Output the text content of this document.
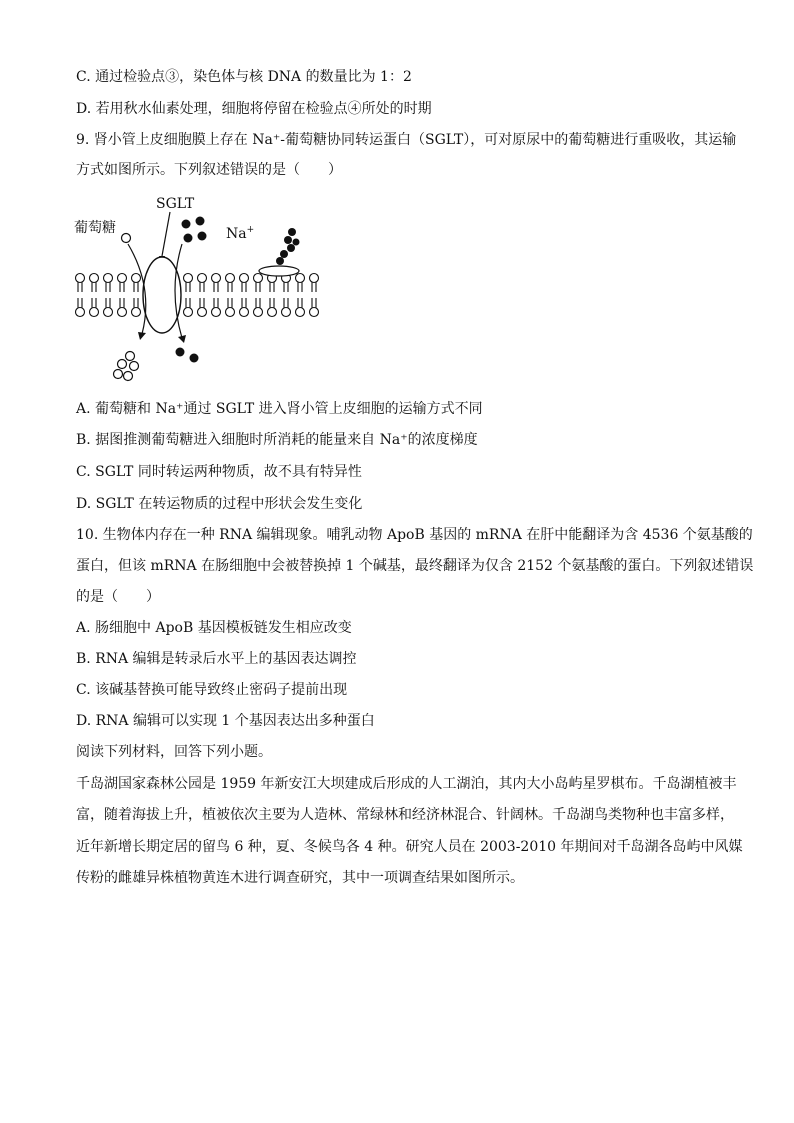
C. 通过检验点③，染色体与核 DNA 的数量比为 1：2
D. 若用秋水仙素处理，细胞将停留在检验点④所处的时期
9. 肾小管上皮细胞膜上存在 Na⁺-葡萄糖协同转运蛋白（SGLT），可对原尿中的葡萄糖进行重吸收，其运输
方式如图所示。下列叙述错误的是（　　）
葡萄糖
SGLT
Na+
A. 葡萄糖和 Na⁺通过 SGLT 进入肾小管上皮细胞的运输方式不同
B. 据图推测葡萄糖进入细胞时所消耗的能量来自 Na⁺的浓度梯度
C. SGLT 同时转运两种物质，故不具有特异性
D. SGLT 在转运物质的过程中形状会发生变化
10. 生物体内存在一种 RNA 编辑现象。哺乳动物 ApoB 基因的 mRNA 在肝中能翻译为含 4536 个氨基酸的
蛋白，但该 mRNA 在肠细胞中会被替换掉 1 个碱基，最终翻译为仅含 2152 个氨基酸的蛋白。下列叙述错误
的是（　　）
A. 肠细胞中 ApoB 基因模板链发生相应改变
B. RNA 编辑是转录后水平上的基因表达调控
C. 该碱基替换可能导致终止密码子提前出现
D. RNA 编辑可以实现 1 个基因表达出多种蛋白
阅读下列材料，回答下列小题。
千岛湖国家森林公园是 1959 年新安江大坝建成后形成的人工湖泊，其内大小岛屿星罗棋布。千岛湖植被丰
富，随着海拔上升，植被依次主要为人造林、常绿林和经济林混合、针阔林。千岛湖鸟类物种也丰富多样，
近年新增长期定居的留鸟 6 种，夏、冬候鸟各 4 种。研究人员在 2003-2010 年期间对千岛湖各岛屿中风媒
传粉的雌雄异株植物黄连木进行调查研究，其中一项调查结果如图所示。
